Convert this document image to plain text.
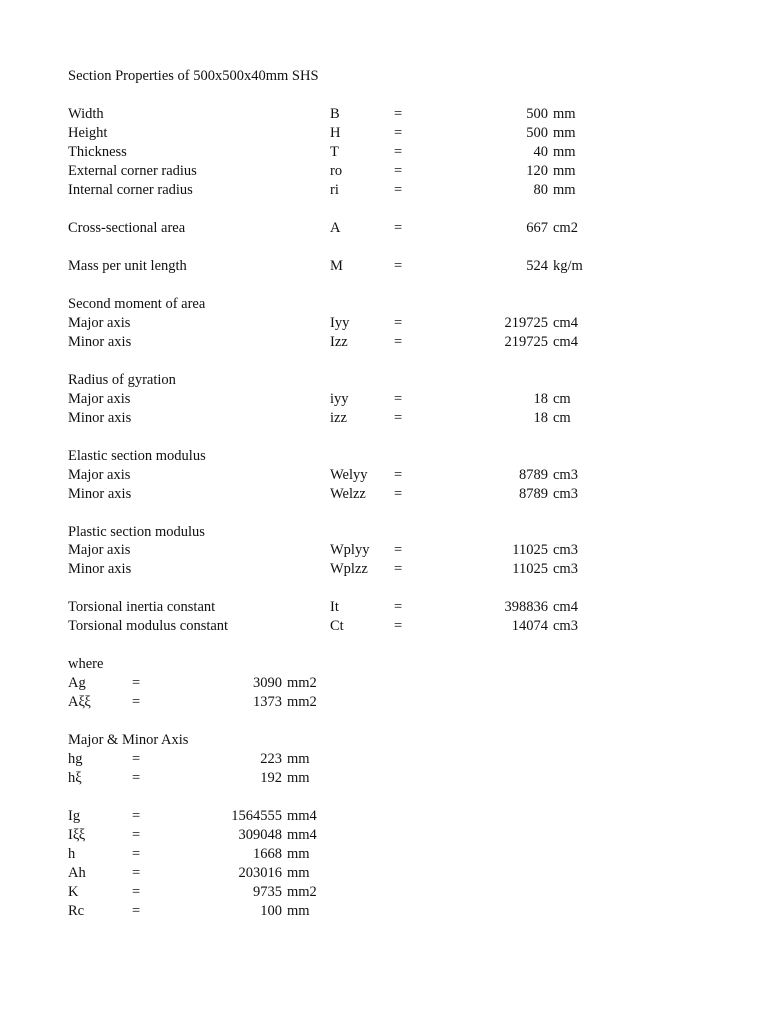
Section Properties of 500x500x40mm SHS
Width	B	=	500 mm
Height	H	=	500 mm
Thickness	T	=	40 mm
External corner radius	ro	=	120 mm
Internal corner radius	ri	=	80 mm
Cross-sectional area	A	=	667 cm2
Mass per unit length	M	=	524 kg/m
Second moment of area
Major axis	Iyy	=	219725 cm4
Minor axis	Izz	=	219725 cm4
Radius of gyration
Major axis	iyy	=	18 cm
Minor axis	izz	=	18 cm
Elastic section modulus
Major axis	Welyy =	8789 cm3
Minor axis	Welzz =	8789 cm3
Plastic section modulus
Major axis	Wplyy =	11025 cm3
Minor axis	Wplzz =	11025 cm3
Torsional inertia constant	It	=	398836 cm4
Torsional modulus constant	Ct	=	14074 cm3
where
Ag	=	3090 mm2
Aξξ	=	1373 mm2
Major & Minor Axis
hg	=	223 mm
hξ	=	192 mm
Ig	=	1564555 mm4
Iξξ	=	309048 mm4
h	=	1668 mm
Ah	=	203016 mm
K	=	9735 mm2
Rc	=	100 mm
